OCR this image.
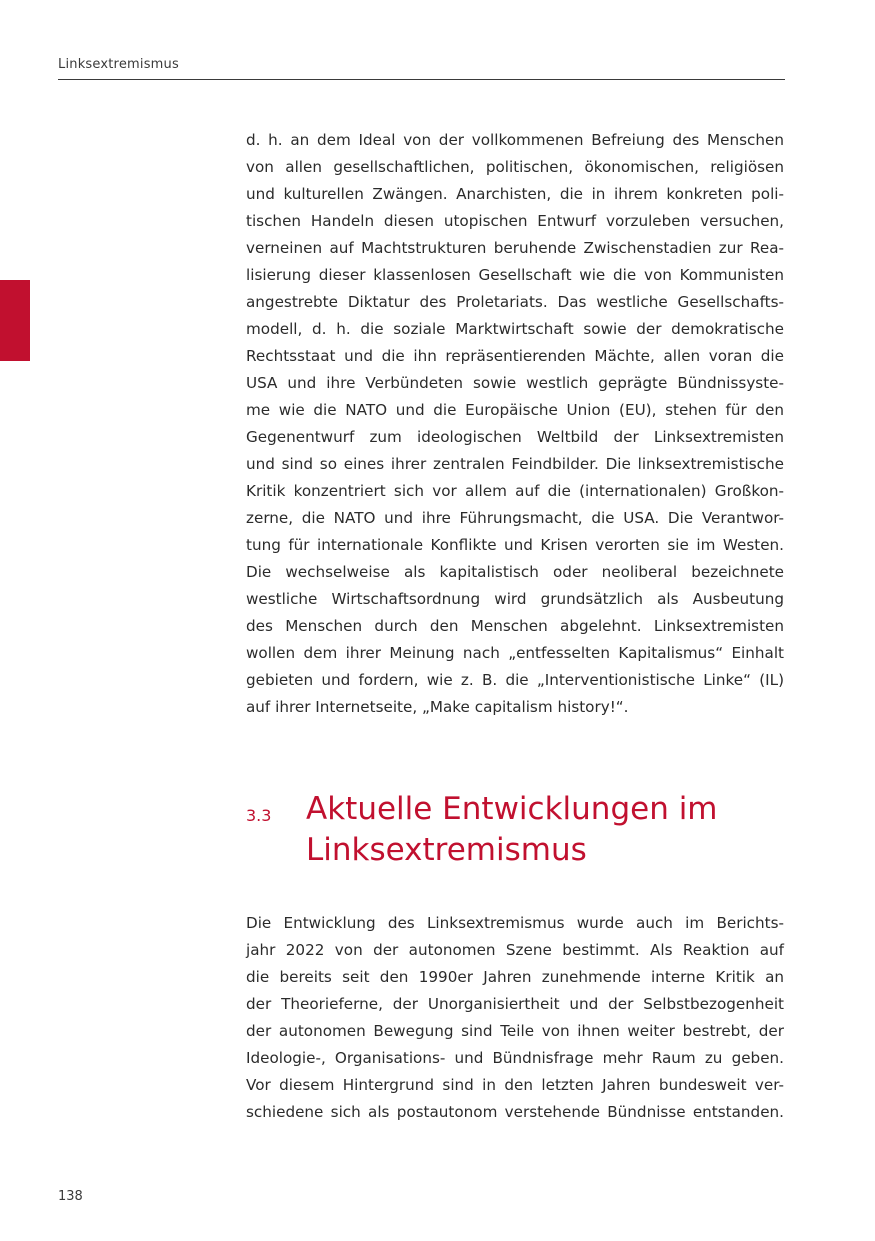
Linksextremismus
d. h. an dem Ideal von der vollkommenen Befreiung des Menschen
von allen gesellschaftlichen, politischen, ökonomischen, religiösen
und kulturellen Zwängen. Anarchisten, die in ihrem konkreten poli-
tischen Handeln diesen utopischen Entwurf vorzuleben versuchen,
verneinen auf Machtstrukturen beruhende Zwischenstadien zur Rea-
lisierung dieser klassenlosen Gesellschaft wie die von Kommunisten
angestrebte Diktatur des Proletariats. Das westliche Gesellschafts-
modell, d. h. die soziale Marktwirtschaft sowie der demokratische
Rechtsstaat und die ihn repräsentierenden Mächte, allen voran die
USA und ihre Verbündeten sowie westlich geprägte Bündnissyste-
me wie die NATO und die Europäische Union (EU), stehen für den
Gegenentwurf zum ideologischen Weltbild der Linksextremisten
und sind so eines ihrer zentralen Feindbilder. Die linksextremistische
Kritik konzentriert sich vor allem auf die (internationalen) Großkon-
zerne, die NATO und ihre Führungsmacht, die USA. Die Verantwor-
tung für internationale Konflikte und Krisen verorten sie im Westen.
Die wechselweise als kapitalistisch oder neoliberal bezeichnete
westliche Wirtschaftsordnung wird grundsätzlich als Ausbeutung
des Menschen durch den Menschen abgelehnt. Linksextremisten
wollen dem ihrer Meinung nach „entfesselten Kapitalismus“ Einhalt
gebieten und fordern, wie z. B. die „Interventionistische Linke“ (IL)
auf ihrer Internetseite, „Make capitalism history!“.
3.3 Aktuelle Entwicklungen im
Linksextremismus
Die Entwicklung des Linksextremismus wurde auch im Berichts-
jahr 2022 von der autonomen Szene bestimmt. Als Reaktion auf
die bereits seit den 1990er Jahren zunehmende interne Kritik an
der Theorieferne, der Unorganisiertheit und der Selbstbezogenheit
der autonomen Bewegung sind Teile von ihnen weiter bestrebt, der
Ideologie-, Organisations- und Bündnisfrage mehr Raum zu geben.
Vor diesem Hintergrund sind in den letzten Jahren bundesweit ver-
schiedene sich als postautonom verstehende Bündnisse entstanden.
138
